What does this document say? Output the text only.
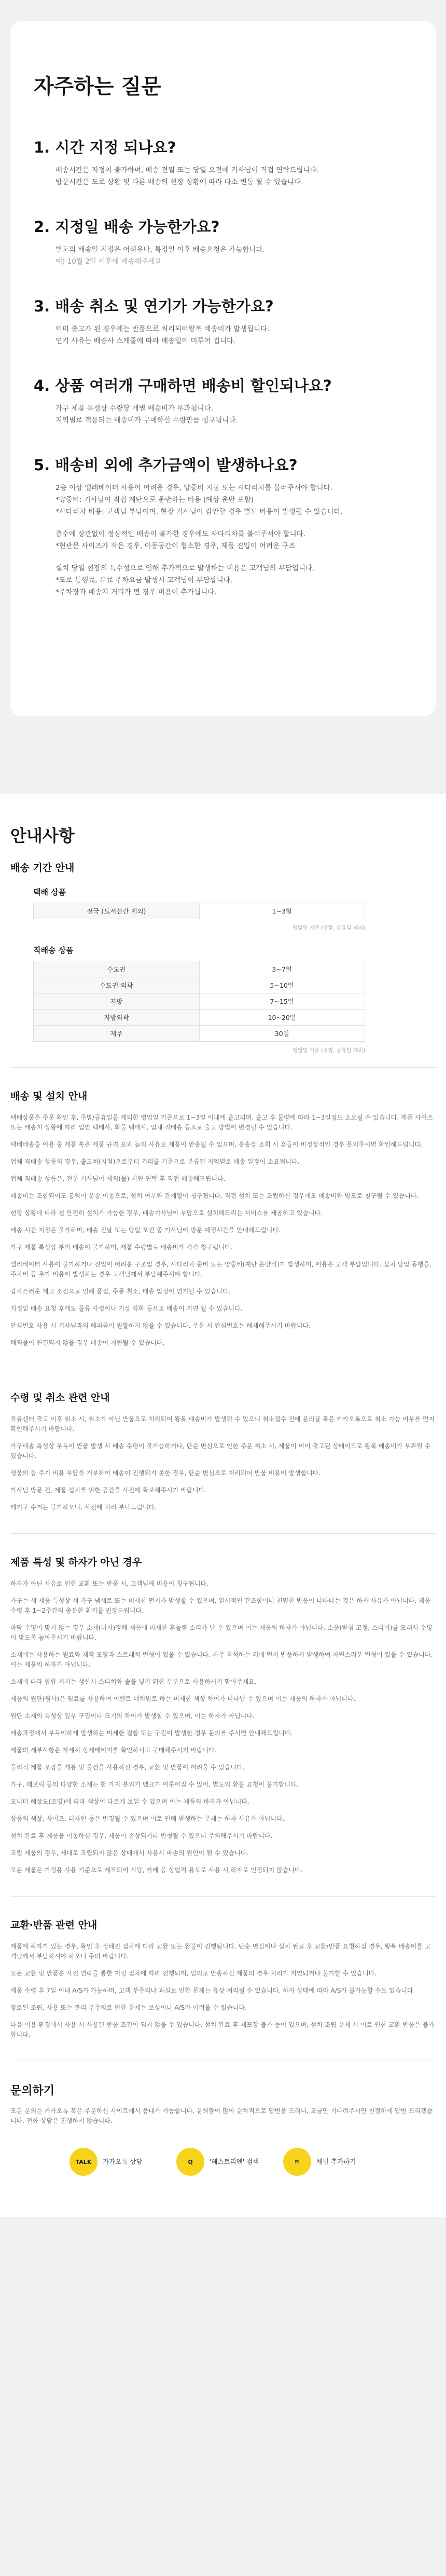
자주하는 질문
1. 시간 지정 되나요?
배송시간은 지정이 불가하며, 배송 전일 또는 당일 오전에 기사님이 직접 연락드립니다.
방문시간은 도로 상황 및 다른 배송의 현장 상황에 따라 다소 변동 될 수 있습니다.
2. 지정일 배송 가능한가요?
별도의 배송일 지정은 어려우나, 특정일 이후 배송요청은 가능합니다.
예) 10월 2일 이후에 배송해주세요
3. 배송 취소 및 연기가 가능한가요?
이미 출고가 된 경우에는 반품으로 처리되어왕복 배송비가 발생됩니다.
연기 사유는 배송사 스케줄에 따라 배송일이 미루어 집니다.
4. 상품 여러개 구매하면 배송비 할인되나요?
가구 제품 특성상 수량당 개별 배송비가 부과됩니다.
지역별로 적용되는 배송비가 구매하신 수량만큼 청구됩니다.
5. 배송비 외에 추가금액이 발생하나요?
2층 이상 엘레베이터 사용이 어려운 경우, 양중비 지불 또는 사다리차를 불러주셔야 합니다.
*양중비: 기사님이 직접 계단으로 운반하는 비용 (예상 운반 포함)
*사다리차 비용: 고객님 부담이며, 현장 기사님이 감안할 경우 별도 비용이 발생될 수 있습니다.
층수에 상관없이 정상적인 배송이 불가한 경우에도 사다리차를 불러주셔야 합니다.
*현관문 사이즈가 작은 경우, 이동공간이 협소한 경우, 제품 진입이 어려운 구조
설치 당일 현장의 특수성으로 인해 추가적으로 발생하는 비용은 고객님의 부담입니다.
*도로 통행료, 유료 주차요금 발생시 고객님이 부담합니다.
*주차장과 배송지 거리가 먼 경우 비용이 추가됩니다.
안내사항
배송 기간 안내
택배 상품
전국 (도서산간 제외)	1~3일
평일및 기준 (주말, 공휴일 제외)
직배송 상품
수도권	3~7일
수도권 외곽	5~10일
지방	7~15일
지방외곽	10~20일
제주	30일
평일및 기준 (주말, 공휴일 제외)
배송 및 설치 안내
택배상품은 주문 확인 후, 주말/공휴일을 제외한 영업일 기준으로 1~3일 이내에 출고되며, 출고 후 물량에 따라 1~3일정도 소요될 수 있습니다. 제품 사이즈 또는 배송지 상황에 따라 일반 택배사, 화물 택배사, 업체 직배송 등으로 출고 방법이 변경될 수 있습니다.
택배배송을 이용 중 제품 혹은 제품 규격 포과 높의 사유로 제품이 반송될 수 있으며, 운송장 조회 시 흔들이 비정상적인 경우 문의주시면 확인해드립니다.
업체 직배송 상품의 경우, 출고처(지점)으로부터 거리를 기준으로 분류된 지역별로 배송 일정이 소요됩니다.
업체 직배송 상품은, 전문 기사님이 제외(물) 지연 연락 후 직접 배송해드립니다.
배송비는 조합되어도 봉역이 운송 이동으로, 설치 여부와 관계없이 청구됩니다. 직접 설치 또는 조립하신 경우에도 배송비와 별도로 청구될 수 있습니다.
현장 상황에 따라 첩 안전히 설치가 가능한 경우, 배송기사님이 부담으로 설치해드리는 서비스를 제공하고 있습니다.
배송 시간 지정은 불가하며, 배송 전날 또는 당일 오전 중 기사님이 방문 예정시간을 안내해드립니다.
가구 제품 특성상 부피 배송이 불가하며, 재품 수량별로 배송비가 각각 청구됩니다.
엘리베이터 사용이 불가하거나 진입이 어려운 구조일 경우, 사다리차 준비 또는 양중비(계단 운반비)가 발생하며, 이용은 고객 부담입니다. 설치 당일 동행을, 주차비 등 추가 비용이 발생하는 경우 고객님께서 부담해주셔야 합니다.
갑작스러운 재고 소진으로 인해 품절, 주문 취소, 배송 일정이 연기될 수 있습니다.
지정일 배송 요청 후에도 물류 사정이나 기상 악화 등으로 배송이 지연 될 수 있습니다.
안심번호 사용 시 기사님과의 해피콜이 원활하지 않을 수 있습니다. 주문 시 안심번호는 해제해주시기 바랍니다.
해외물이 연결되지 않을 경우 배송이 지연될 수 있습니다.
수령 및 취소 관련 안내
물류센터 출고 이후 취소 시, 취소가 아닌 반품으로 처리되어 왕복 배송비가 발생될 수 있으니 취소접수 전에 문의글 혹은 카카오톡으로 취소 가능 여부를 먼저 확인해주시기 바랍니다.
가구배송 특성상 부득이 반품 발생 시 배송 수령이 불가능하거나, 단순 변심으로 인한 주문 취소 시, 제품이 이미 출고된 상태이므로 왕복 배송비가 부과될 수 있습니다.
영웅의 등 주기 비용 부담을 거부하여 배송이 진행되지 못한 경우, 단순 변심으로 처리되어 반품 비용이 발생합니다.
가사님 방문 전, 제품 설치를 위한 공간을 사전에 확보해주시기 바랍니다.
폐기구 수거는 불가하오니, 사전에 처리 부탁드립니다.
제품 특성 및 하자가 아닌 경우
하자가 아닌 사유로 인한 교환 또는 반품 시, 고객님께 비용이 청구됩니다.
가구는 새 제품 특성상 새 가구 냄새로 또는 미세한 먼지가 발생할 수 있으며, 일시적인 간조함이나 친밀한 반응이 나타나는 것은 하자 사유가 아닙니다. 제품 수령 후 1~2주간의 충분한 환기를 권장드립니다.
바닥 수평이 맞지 않는 경우 소재(미지)정해 제품에 미세한 흔들림 소리가 날 수 있으며 이는 제품의 하자가 아닙니다. 소품(받침 고정, 스티커)를 모래서 수평이 맞도록 놓아주시기 바랍니다.
소재에는 사용하는 원료와 제작 모양과 스트레치 변형이 있을 수 있습니다. 자주 착석하는 위에 먼저 반응하지 발생하여 자연스러운 변형이 있을 수 있습니다. 이는 제품의 하자가 아닙니다.
소재에 따라 합합 지지는 생산시 스티치와 솔을 넣기 위한 부분으로 사용하시기 말아주세요.
제품의 원단(원사)은 염료를 사용하여 이벤트 배치별로 하는 미세한 색상 차이가 나타날 수 있으며 이는 제품의 하자가 아닙니다.
원단 소재의 특성상 일부 구김이나 크기의 차이가 발생할 수 있으며, 이는 하자가 아닙니다.
배송과정에서 부득이하게 발생하는 미세한 결합 또는 구김이 발생한 경우 문의를 주시면 안내해드립니다.
제품의 세부사항은 자세히 상세페이지를 확인하시고 구매해주시기 바랍니다.
물리적 제품 포장을 개봉 및 물건을 사용하신 경우, 교환 및 반품이 어려울 수 있습니다.
가구, 패브릭 등의 다양한 소재는 한 가지 분위기 벨크가 이루어질 수 있어, 별도의 환불 요청이 불가합니다.
모니터 해상도(조명)에 따라 색상이 다르게 보일 수 있으며 이는 제품의 하자가 아닙니다.
상품의 색상, 사이즈, 디자인 등은 변경될 수 있으며 이로 인해 발생하는 문제는 하자 사유가 아닙니다.
설치 완료 후 제품을 이동하실 경우, 제품이 손상되거나 변형될 수 있으니 주의해주시기 바랍니다.
조립 제품의 경우, 제대로 조립되지 않은 상태에서 사용시 파손의 원인이 될 수 있습니다.
모든 제품은 가정용 사용 기준으로 제작되어 식당, 카페 등 상업적 용도로 사용 시 하자로 인정되지 않습니다.
교환·반품 관련 안내
제품에 하자가 있는 경우, 확인 후 정해진 절차에 따라 교환 또는 환불이 진행됩니다. 단순 변심이나 설치 완료 후 교환/반품 요청하실 경우, 왕복 배송비를 고객님께서 부담하셔야 하오니 주의 바랍니다.
모든 교환 및 반품은 사전 연락을 통한 지정 절차에 따라 진행되며, 임의로 반송하신 제품의 경우 처리가 지연되거나 불가할 수 있습니다.
제품 수령 후 7일 이내 A/S가 가능하며, 고객 부주의나 과실로 인한 문제는 유상 처리될 수 있습니다. 하자 상태에 따라 A/S가 불가능할 수도 있습니다.
장로된 조립, 사용 또는 관리 부주의로 인한 문제는 보상이나 A/S가 어려울 수 있습니다.
다음 이용 환경에서 사용 시 사용된 반품 조건이 되지 않을 수 있습니다. 설치 완료 후 재포장 불가 등이 있으며, 설치 조립 문제 시 이로 인한 교환 반품은 불가합니다.
문의하기
모든 문의는 카카오톡 혹은 주문하신 사이트에서 응대가 가능합니다. 문의량이 많아 순차적으로 답변을 드리니, 조금만 기다려주시면 친절하게 답변 드리겠습니다. 전화 상담은 진행하지 않습니다.
TALK	카카오톡 상담	Q	'헤스트리엔' 검색	✉	채널 추가하기
